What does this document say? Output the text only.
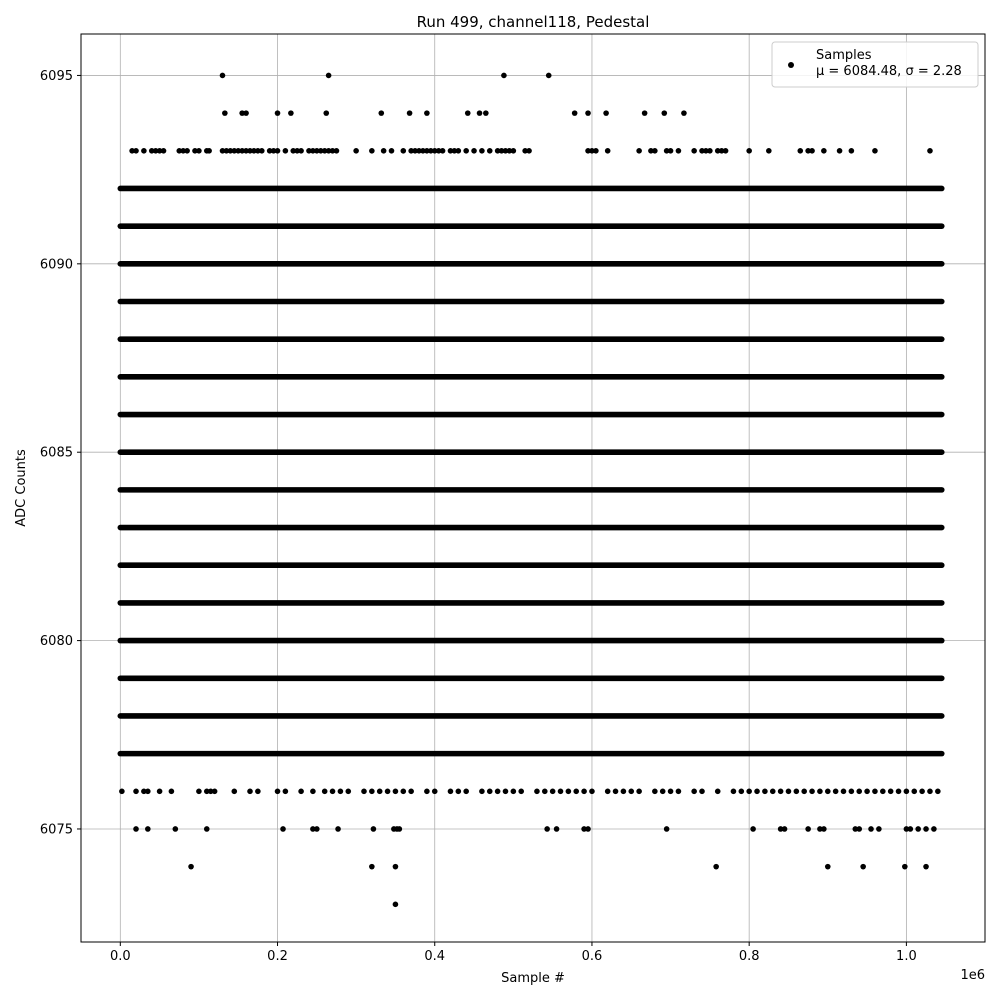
0.0	0.2	0.4	0.6	0.8	1.0
6075
6080
6085
6090
6095
Run 499, channel118, Pedestal
Sample #
ADC Counts
1e6
Samples
μ = 6084.48, σ = 2.28
